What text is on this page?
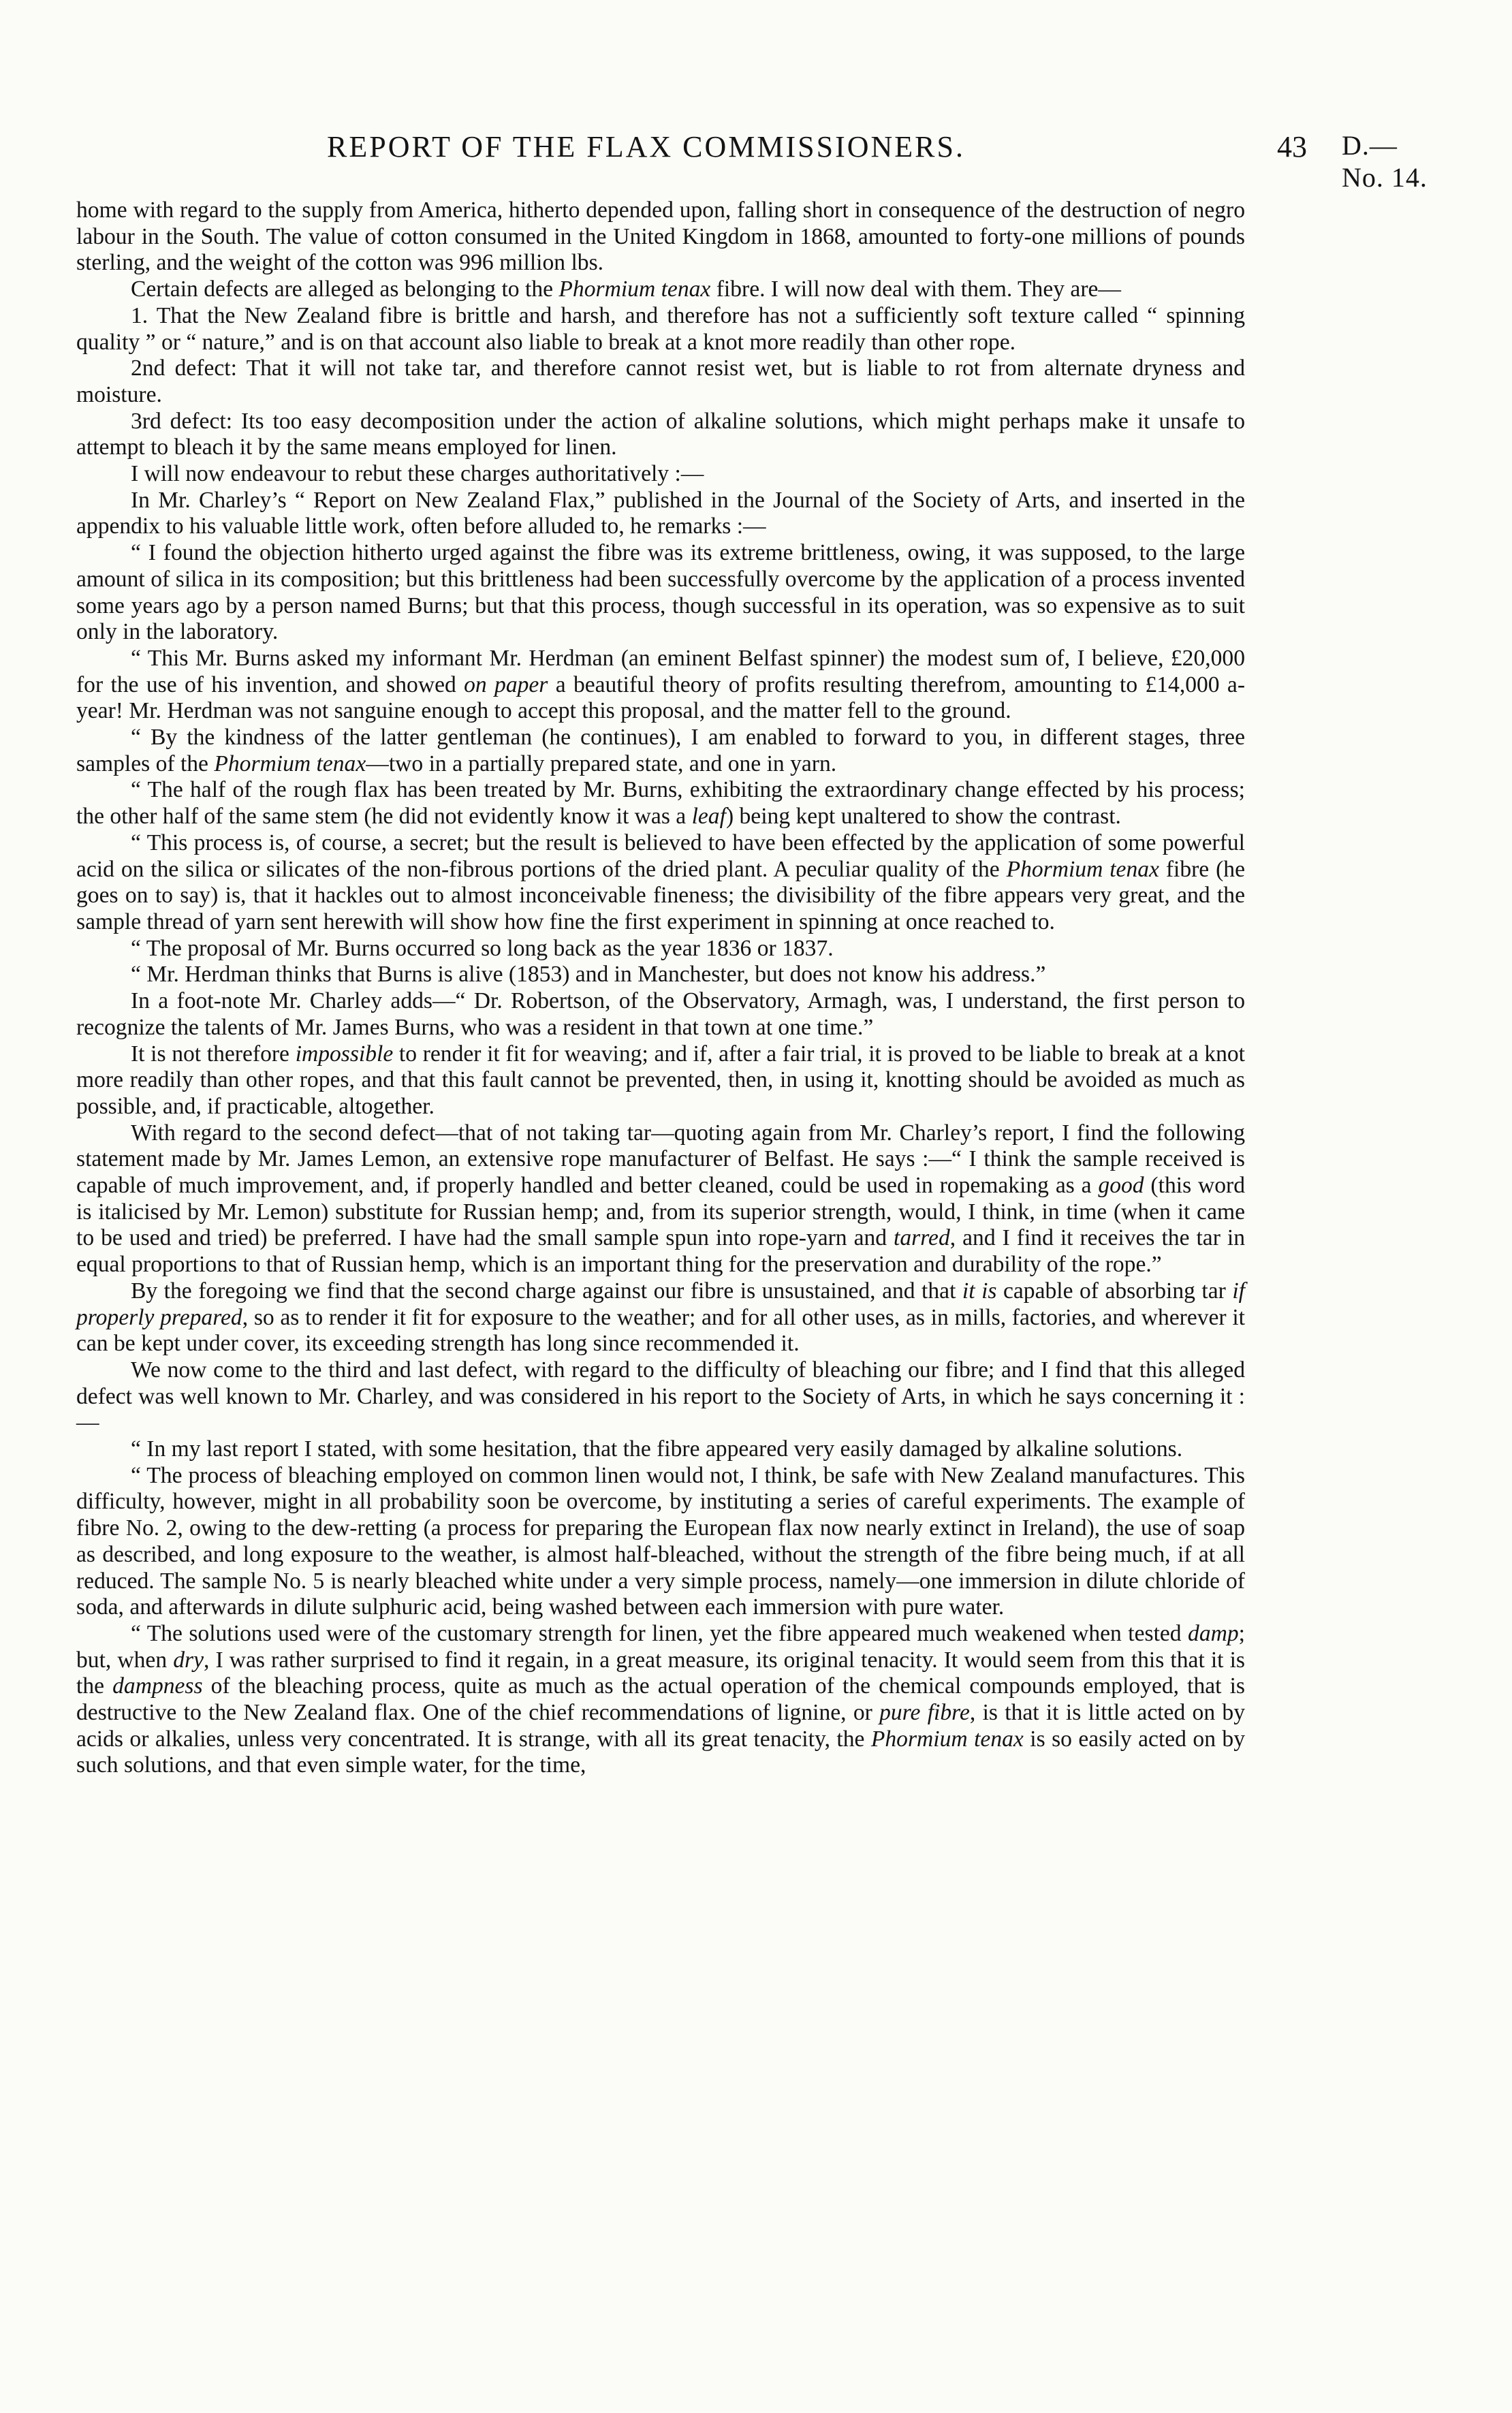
REPORT OF THE FLAX COMMISSIONERS.	43 D.—No. 14.

home with regard to the supply from America, hitherto depended upon, falling short in consequence of the destruction of negro labour in the South. The value of cotton consumed in the United Kingdom in 1868, amounted to forty-one millions of pounds sterling, and the weight of the cotton was 996 million lbs.

Certain defects are alleged as belonging to the Phormium tenax fibre. I will now deal with them. They are—

1. That the New Zealand fibre is brittle and harsh, and therefore has not a sufficiently soft texture called “ spinning quality ” or “ nature,” and is on that account also liable to break at a knot more readily than other rope.

2nd defect: That it will not take tar, and therefore cannot resist wet, but is liable to rot from alternate dryness and moisture.

3rd defect: Its too easy decomposition under the action of alkaline solutions, which might perhaps make it unsafe to attempt to bleach it by the same means employed for linen.

I will now endeavour to rebut these charges authoritatively :—

In Mr. Charley’s “ Report on New Zealand Flax,” published in the Journal of the Society of Arts, and inserted in the appendix to his valuable little work, often before alluded to, he remarks :—

“ I found the objection hitherto urged against the fibre was its extreme brittleness, owing, it was supposed, to the large amount of silica in its composition; but this brittleness had been successfully overcome by the application of a process invented some years ago by a person named Burns; but that this process, though successful in its operation, was so expensive as to suit only in the laboratory.

“ This Mr. Burns asked my informant Mr. Herdman (an eminent Belfast spinner) the modest sum of, I believe, £20,000 for the use of his invention, and showed on paper a beautiful theory of profits resulting therefrom, amounting to £14,000 a-year! Mr. Herdman was not sanguine enough to accept this proposal, and the matter fell to the ground.

“ By the kindness of the latter gentleman (he continues), I am enabled to forward to you, in different stages, three samples of the Phormium tenax—two in a partially prepared state, and one in yarn.

“ The half of the rough flax has been treated by Mr. Burns, exhibiting the extraordinary change effected by his process; the other half of the same stem (he did not evidently know it was a leaf) being kept unaltered to show the contrast.

“ This process is, of course, a secret; but the result is believed to have been effected by the application of some powerful acid on the silica or silicates of the non-fibrous portions of the dried plant. A peculiar quality of the Phormium tenax fibre (he goes on to say) is, that it hackles out to almost inconceivable fineness; the divisibility of the fibre appears very great, and the sample thread of yarn sent herewith will show how fine the first experiment in spinning at once reached to.

“ The proposal of Mr. Burns occurred so long back as the year 1836 or 1837.

“ Mr. Herdman thinks that Burns is alive (1853) and in Manchester, but does not know his address.”

In a foot-note Mr. Charley adds—“ Dr. Robertson, of the Observatory, Armagh, was, I understand, the first person to recognize the talents of Mr. James Burns, who was a resident in that town at one time.”

It is not therefore impossible to render it fit for weaving; and if, after a fair trial, it is proved to be liable to break at a knot more readily than other ropes, and that this fault cannot be prevented, then, in using it, knotting should be avoided as much as possible, and, if practicable, altogether.

With regard to the second defect—that of not taking tar—quoting again from Mr. Charley’s report, I find the following statement made by Mr. James Lemon, an extensive rope manufacturer of Belfast. He says :—“ I think the sample received is capable of much improvement, and, if properly handled and better cleaned, could be used in ropemaking as a good (this word is italicised by Mr. Lemon) substitute for Russian hemp; and, from its superior strength, would, I think, in time (when it came to be used and tried) be preferred. I have had the small sample spun into rope-yarn and tarred, and I find it receives the tar in equal proportions to that of Russian hemp, which is an important thing for the preservation and durability of the rope.”

By the foregoing we find that the second charge against our fibre is unsustained, and that it is capable of absorbing tar if properly prepared, so as to render it fit for exposure to the weather; and for all other uses, as in mills, factories, and wherever it can be kept under cover, its exceeding strength has long since recommended it.

We now come to the third and last defect, with regard to the difficulty of bleaching our fibre; and I find that this alleged defect was well known to Mr. Charley, and was considered in his report to the Society of Arts, in which he says concerning it :—

“ In my last report I stated, with some hesitation, that the fibre appeared very easily damaged by alkaline solutions.

“ The process of bleaching employed on common linen would not, I think, be safe with New Zealand manufactures. This difficulty, however, might in all probability soon be overcome, by instituting a series of careful experiments. The example of fibre No. 2, owing to the dew-retting (a process for preparing the European flax now nearly extinct in Ireland), the use of soap as described, and long exposure to the weather, is almost half-bleached, without the strength of the fibre being much, if at all reduced. The sample No. 5 is nearly bleached white under a very simple process, namely—one immersion in dilute chloride of soda, and afterwards in dilute sulphuric acid, being washed between each immersion with pure water.

“ The solutions used were of the customary strength for linen, yet the fibre appeared much weakened when tested damp; but, when dry, I was rather surprised to find it regain, in a great measure, its original tenacity. It would seem from this that it is the dampness of the bleaching process, quite as much as the actual operation of the chemical compounds employed, that is destructive to the New Zealand flax. One of the chief recommendations of lignine, or pure fibre, is that it is little acted on by acids or alkalies, unless very concentrated. It is strange, with all its great tenacity, the Phormium tenax is so easily acted on by such solutions, and that even simple water, for the time,
